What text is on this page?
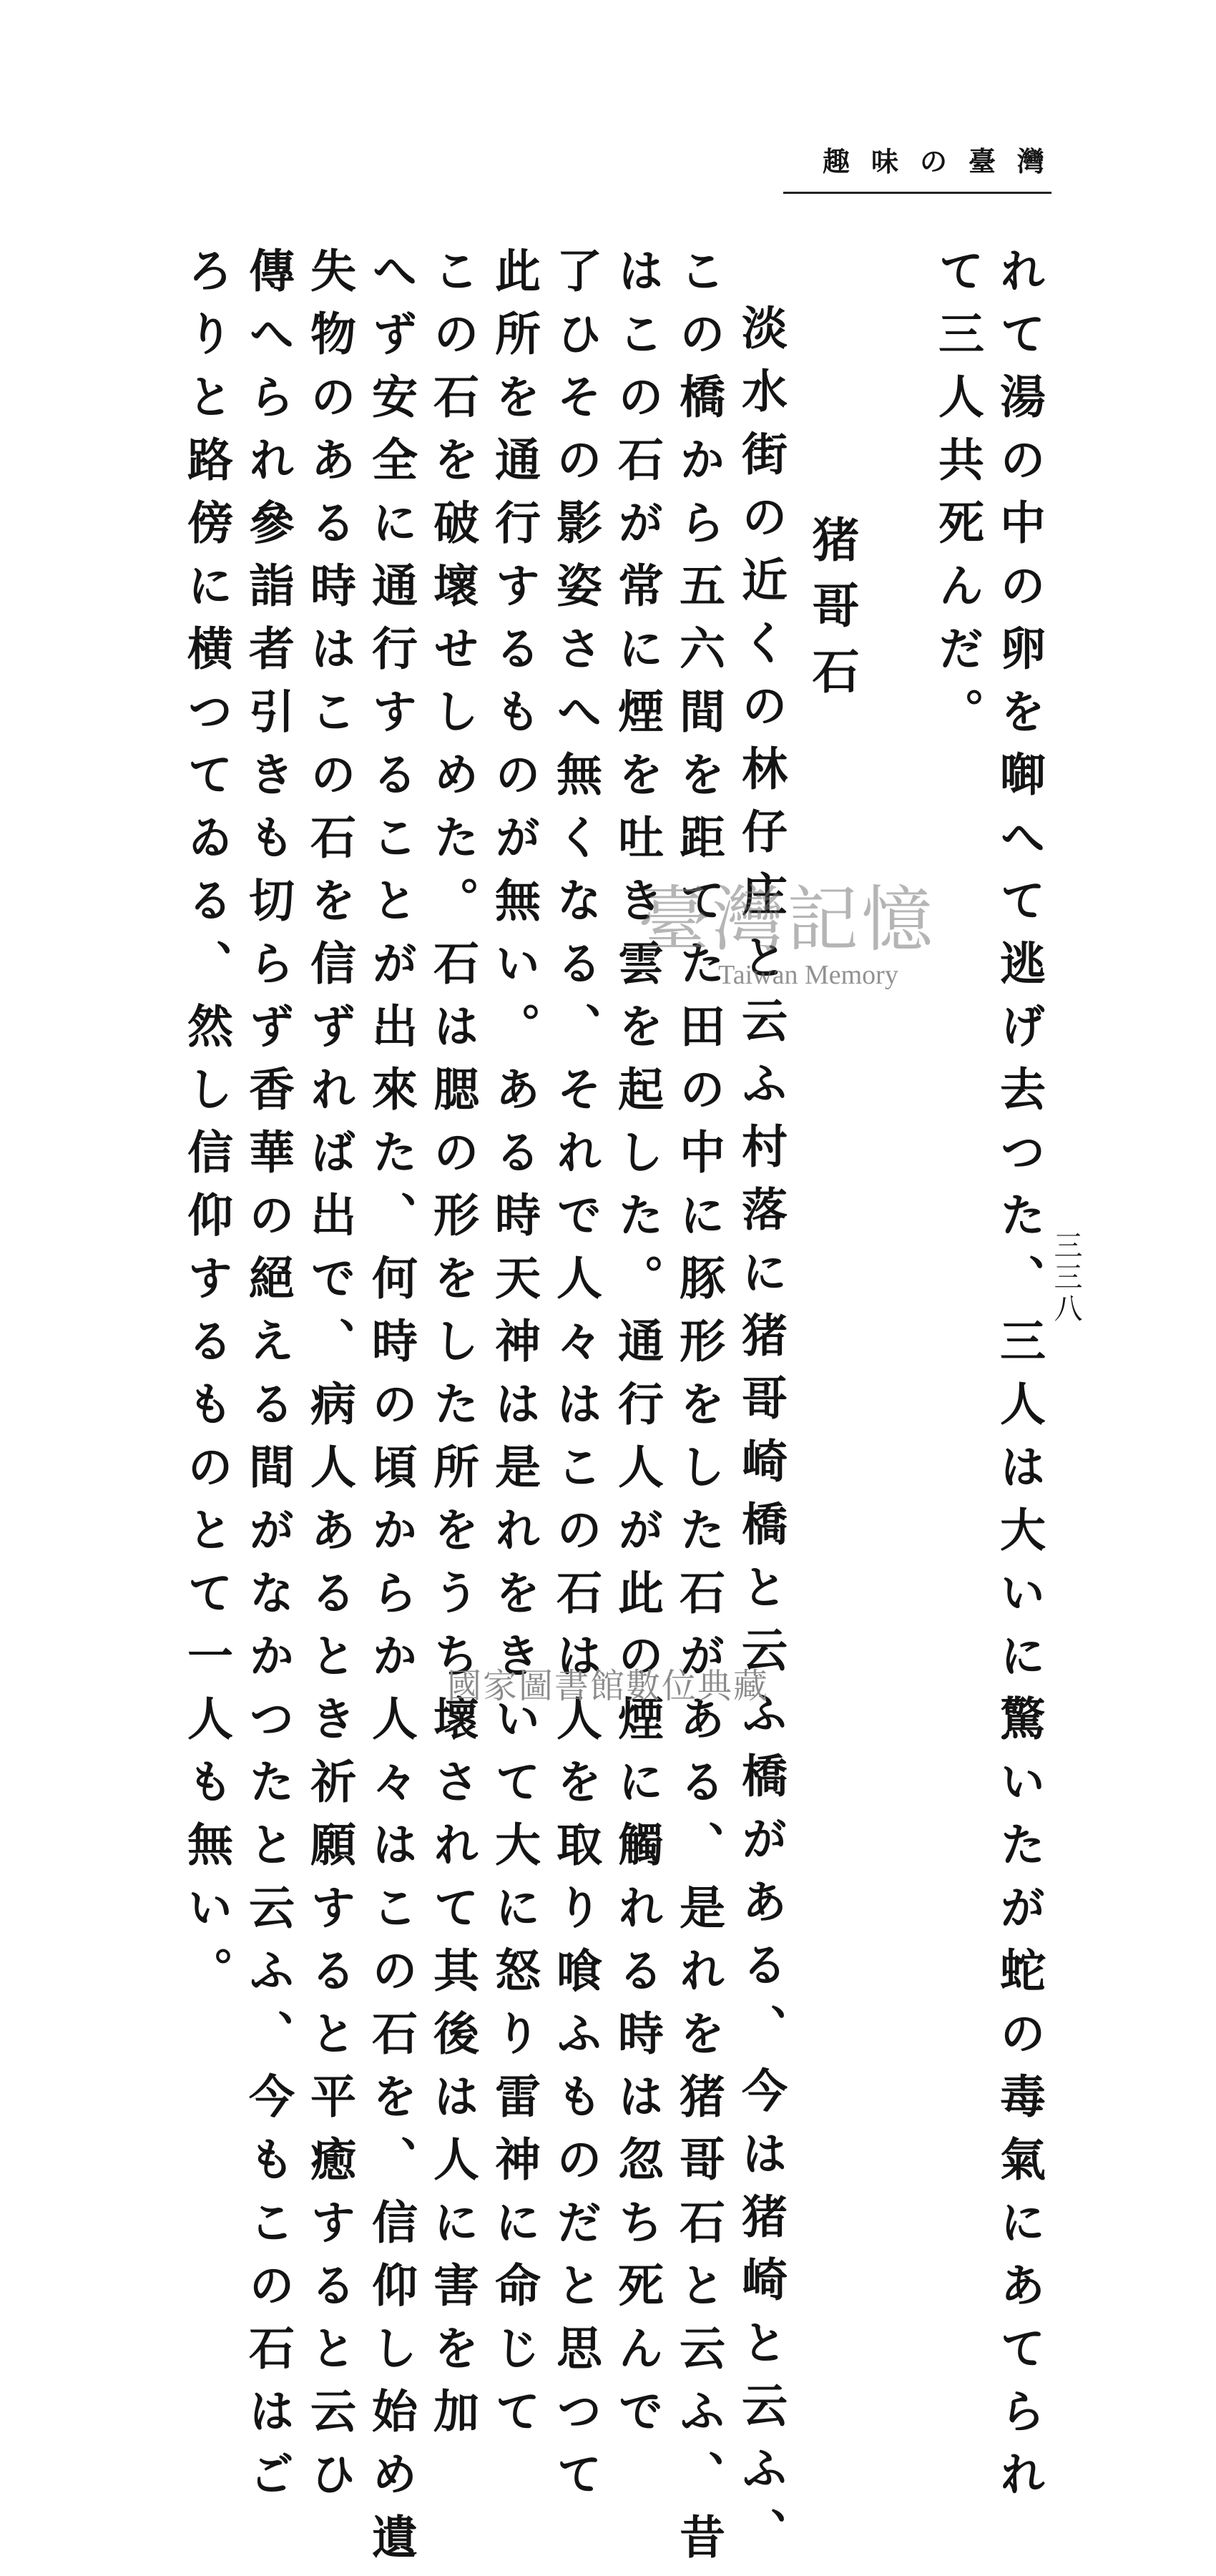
趣味の臺灣
三三八
れて湯の中の卵を啣へて逃げ去つた、三人は大いに驚いたが蛇の毒氣にあてられ
て三人共死んだ。
猪哥石
淡水街の近くの林仔庄と云ふ村落に猪哥崎橋と云ふ橋がある、今は猪崎と云ふ、
この橋から五六間を距てた田の中に豚形をした石がある、是れを猪哥石と云ふ、昔
はこの石が常に煙を吐き雲を起した。通行人が此の煙に觸れる時は忽ち死んで
了ひその影姿さへ無くなる、それで人々はこの石は人を取り喰ふものだと思つて
此所を通行するものが無い。ある時天神は是れをきいて大に怒り雷神に命じて
この石を破壞せしめた。石は腮の形をした所をうち壞されて其後は人に害を加
へず安全に通行することが出來た、何時の頃からか人々はこの石を、信仰し始め遺
失物のある時はこの石を信ずれば出で、病人あるとき祈願すると平癒すると云ひ
傳へられ參詣者引きも切らず香華の絕える間がなかつたと云ふ、今もこの石はご
ろりと路傍に横つてゐる、然し信仰するものとて一人も無い。	臺灣記憶
Taiwan Memory
國家圖書館數位典藏
